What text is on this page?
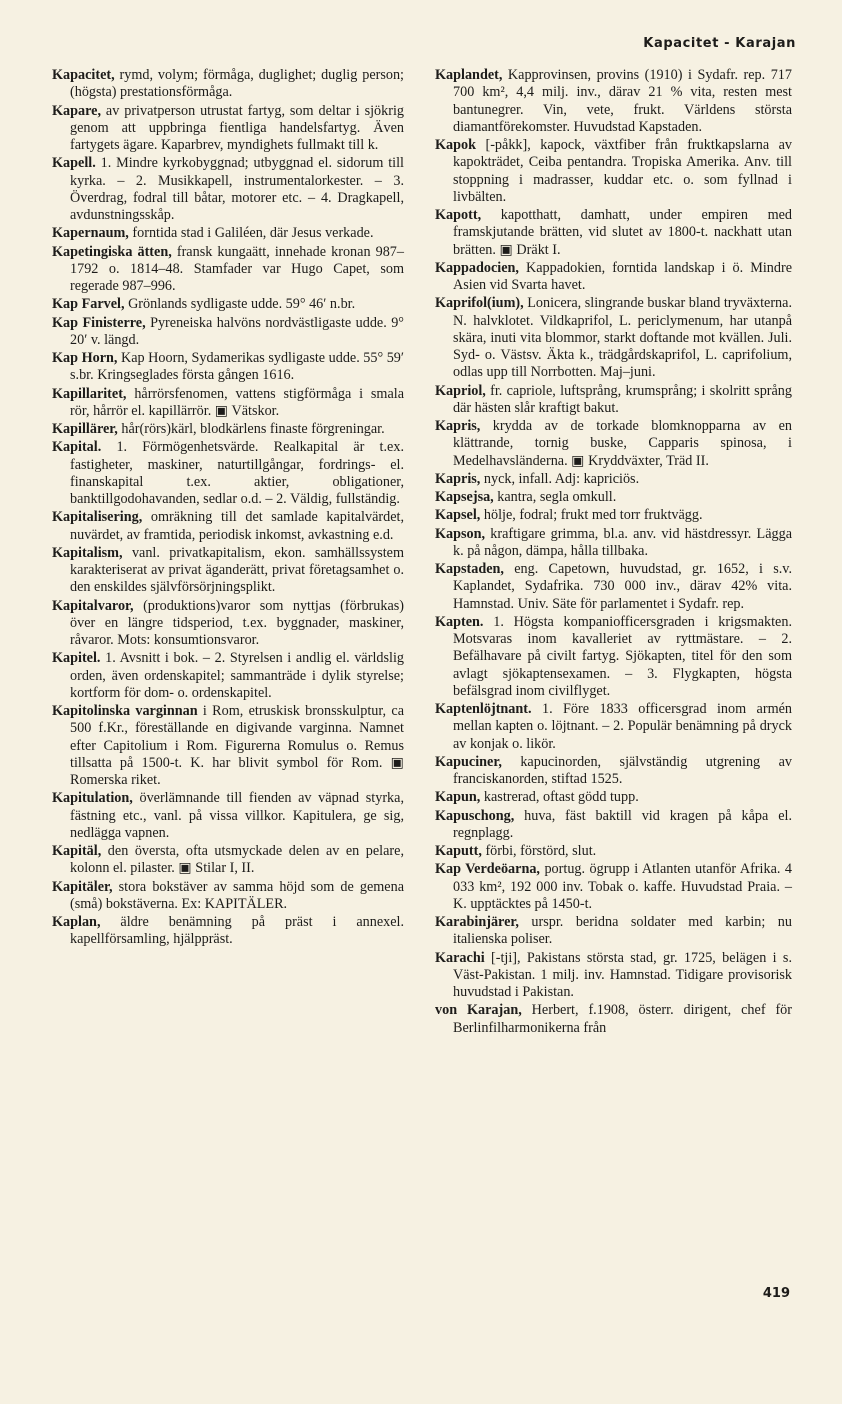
Kapacitet - Karajan

Kapacitet, rymd, volym; förmåga, duglighet; duglig person; (högsta) prestationsförmåga.

Kapare, av privatperson utrustat fartyg, som deltar i sjökrig genom att uppbringa fientliga handelsfartyg. Även fartygets ägare. Kaparbrev, myndighets fullmakt till k.

Kapell. 1. Mindre kyrkobyggnad; utbyggnad el. sidorum till kyrka. – 2. Musikkapell, instrumentalorkester. – 3. Överdrag, fodral till båtar, motorer etc. – 4. Dragkapell, avdunstningsskåp.

Kapernaum, forntida stad i Galiléen, där Jesus verkade.

Kapetingiska ätten, fransk kungaätt, innehade kronan 987–1792 o. 1814–48. Stamfader var Hugo Capet, som regerade 987–996.

Kap Farvel, Grönlands sydligaste udde. 59° 46′ n.br.

Kap Finisterre, Pyreneiska halvöns nordvästligaste udde. 9° 20′ v. längd.

Kap Horn, Kap Hoorn, Sydamerikas sydligaste udde. 55° 59′ s.br. Kringseglades första gången 1616.

Kapillaritet, hårrörsfenomen, vattens stigförmåga i smala rör, hårrör el. kapillärrör. ▣ Vätskor.

Kapillärer, hår(rörs)kärl, blodkärlens finaste förgreningar.

Kapital. 1. Förmögenhetsvärde. Realkapital är t.ex. fastigheter, maskiner, naturtillgångar, fordrings- el. finanskapital t.ex. aktier, obligationer, banktillgodohavanden, sedlar o.d. – 2. Väldig, fullständig.

Kapitalisering, omräkning till det samlade kapitalvärdet, nuvärdet, av framtida, periodisk inkomst, avkastning e.d.

Kapitalism, vanl. privatkapitalism, ekon. samhällssystem karakteriserat av privat äganderätt, privat företagsamhet o. den enskildes självförsörjningsplikt.

Kapitalvaror, (produktions)varor som nyttjas (förbrukas) över en längre tidsperiod, t.ex. byggnader, maskiner, råvaror. Mots: konsumtionsvaror.

Kapitel. 1. Avsnitt i bok. – 2. Styrelsen i andlig el. världslig orden, även ordenskapitel; sammanträde i dylik styrelse; kortform för dom- o. ordenskapitel.

Kapitolinska varginnan i Rom, etruskisk bronsskulptur, ca 500 f.Kr., föreställande en digivande varginna. Namnet efter Capitolium i Rom. Figurerna Romulus o. Remus tillsatta på 1500-t. K. har blivit symbol för Rom. ▣ Romerska riket.

Kapitulation, överlämnande till fienden av väpnad styrka, fästning etc., vanl. på vissa villkor. Kapitulera, ge sig, nedlägga vapnen.

Kapitäl, den översta, ofta utsmyckade delen av en pelare, kolonn el. pilaster. ▣ Stilar I, II.

Kapitäler, stora bokstäver av samma höjd som de gemena (små) bokstäverna. Ex: KAPITÄLER.

Kaplan, äldre benämning på präst i annexel. kapellförsamling, hjälppräst.

Kaplandet, Kapprovinsen, provins (1910) i Sydafr. rep. 717 700 km², 4,4 milj. inv., därav 21 % vita, resten mest bantunegrer. Vin, vete, frukt. Världens största diamantförekomster. Huvudstad Kapstaden.

Kapok [-påkk], kapock, växtfiber från fruktkapslarna av kapokträdet, Ceiba pentandra. Tropiska Amerika. Anv. till stoppning i madrasser, kuddar etc. o. som fyllnad i livbälten.

Kapott, kapotthatt, damhatt, under empiren med framskjutande brätten, vid slutet av 1800-t. nackhatt utan brätten. ▣ Dräkt I.

Kappadocien, Kappadokien, forntida landskap i ö. Mindre Asien vid Svarta havet.

Kaprifol(ium), Lonicera, slingrande buskar bland tryväxterna. N. halvklotet. Vildkaprifol, L. periclymenum, har utanpå skära, inuti vita blommor, starkt doftande mot kvällen. Juli. Syd- o. Västsv. Äkta k., trädgårdskaprifol, L. caprifolium, odlas upp till Norrbotten. Maj–juni.

Kapriol, fr. capriole, luftsprång, krumsprång; i skolritt språng där hästen slår kraftigt bakut.

Kapris, krydda av de torkade blomknopparna av en klättrande, tornig buske, Capparis spinosa, i Medelhavsländerna. ▣ Kryddväxter, Träd II.

Kapris, nyck, infall. Adj: kapriciös.

Kapsejsa, kantra, segla omkull.

Kapsel, hölje, fodral; frukt med torr fruktvägg.

Kapson, kraftigare grimma, bl.a. anv. vid hästdressyr. Lägga k. på någon, dämpa, hålla tillbaka.

Kapstaden, eng. Capetown, huvudstad, gr. 1652, i s.v. Kaplandet, Sydafrika. 730 000 inv., därav 42% vita. Hamnstad. Univ. Säte för parlamentet i Sydafr. rep.

Kapten. 1. Högsta kompaniofficersgraden i krigsmakten. Motsvaras inom kavalleriet av ryttmästare. – 2. Befälhavare på civilt fartyg. Sjökapten, titel för den som avlagt sjökaptensexamen. – 3. Flygkapten, högsta befälsgrad inom civilflyget.

Kaptenlöjtnant. 1. Före 1833 officersgrad inom armén mellan kapten o. löjtnant. – 2. Populär benämning på dryck av konjak o. likör.

Kapuciner, kapucinorden, självständig utgrening av franciskanorden, stiftad 1525.

Kapun, kastrerad, oftast gödd tupp.

Kapuschong, huva, fäst baktill vid kragen på kåpa el. regnplagg.

Kaputt, förbi, förstörd, slut.

Kap Verdeöarna, portug. ögrupp i Atlanten utanför Afrika. 4 033 km², 192 000 inv. Tobak o. kaffe. Huvudstad Praia. – K. upptäcktes på 1450-t.

Karabinjärer, urspr. beridna soldater med karbin; nu italienska poliser.

Karachi [-tji], Pakistans största stad, gr. 1725, belägen i s. Väst-Pakistan. 1 milj. inv. Hamnstad. Tidigare provisorisk huvudstad i Pakistan.

von Karajan, Herbert, f.1908, österr. dirigent, chef för Berlinfilharmonikerna från

419
